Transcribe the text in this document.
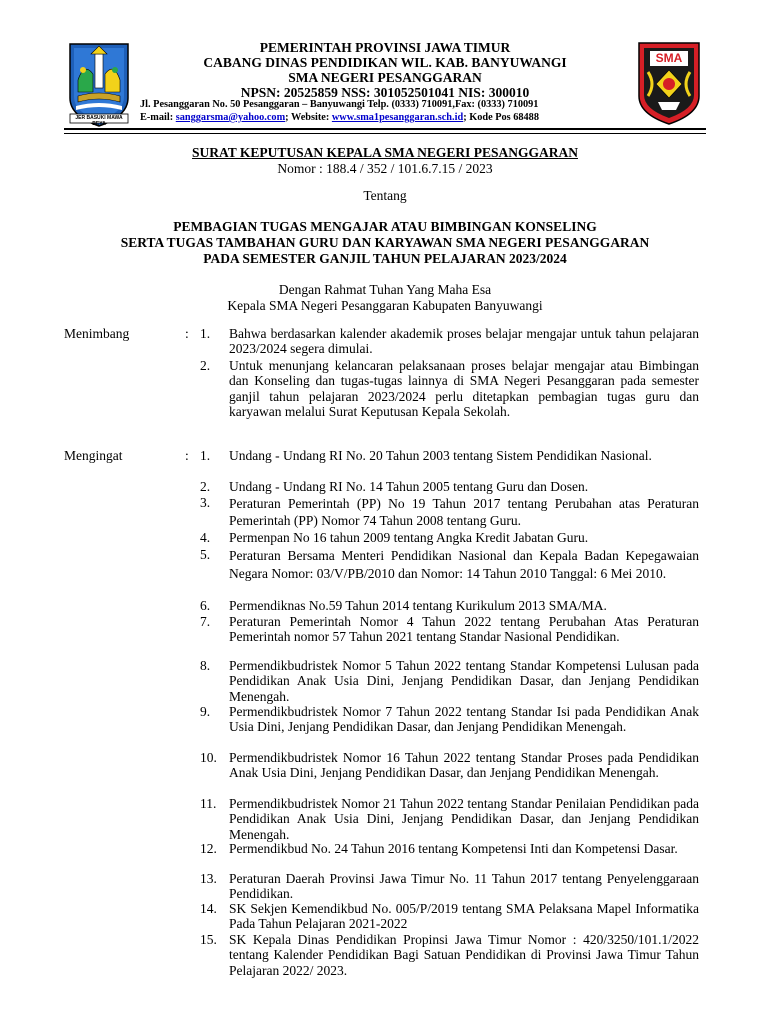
JER BASUKI MAWA BEYA
PEMERINTAH PROVINSI JAWA TIMUR
CABANG DINAS PENDIDIKAN WIL. KAB. BANYUWANGI
SMA NEGERI PESANGGARAN
NPSN: 20525859 NSS: 301052501041 NIS: 300010
Jl. Pesanggaran No. 50 Pesanggaran – Banyuwangi Telp. (0333) 710091,Fax: (0333) 710091
E-mail: sanggarsma@yahoo.com; Website: www.sma1pesanggaran.sch.id; Kode Pos 68488
SMA
SURAT KEPUTUSAN KEPALA SMA NEGERI PESANGGARAN
Nomor : 188.4 / 352 / 101.6.7.15 / 2023
Tentang
PEMBAGIAN TUGAS MENGAJAR ATAU BIMBINGAN KONSELING
SERTA TUGAS TAMBAHAN GURU DAN KARYAWAN SMA NEGERI PESANGGARAN
PADA SEMESTER GANJIL TAHUN PELAJARAN 2023/2024
Dengan Rahmat Tuhan Yang Maha Esa
Kepala SMA Negeri Pesanggaran Kabupaten Banyuwangi
Menimbang	: 1. Bahwa berdasarkan kalender akademik proses belajar mengajar untuk tahun pelajaran 2023/2024 segera dimulai.
2. Untuk menunjang kelancaran pelaksanaan proses belajar mengajar atau Bimbingan dan Konseling dan tugas-tugas lainnya di SMA Negeri Pesanggaran pada semester ganjil tahun pelajaran 2023/2024 perlu ditetapkan pembagian tugas guru dan karyawan melalui Surat Keputusan Kepala Sekolah.
Mengingat	: 1. Undang - Undang RI No. 20 Tahun 2003 tentang Sistem Pendidikan Nasional.
2. Undang - Undang RI No. 14 Tahun 2005 tentang Guru dan Dosen.
3. Peraturan Pemerintah (PP) No 19 Tahun 2017 tentang Perubahan atas Peraturan Pemerintah (PP) Nomor 74 Tahun 2008 tentang Guru.
4. Permenpan No 16 tahun 2009 tentang Angka Kredit Jabatan Guru.
5. Peraturan Bersama Menteri Pendidikan Nasional dan Kepala Badan Kepegawaian Negara Nomor: 03/V/PB/2010 dan Nomor: 14 Tahun 2010 Tanggal: 6 Mei 2010.
6. Permendiknas No.59 Tahun 2014 tentang Kurikulum 2013 SMA/MA.
7. Peraturan Pemerintah Nomor 4 Tahun 2022 tentang Perubahan Atas Peraturan Pemerintah nomor 57 Tahun 2021 tentang Standar Nasional Pendidikan.
8. Permendikbudristek Nomor 5 Tahun 2022 tentang Standar Kompetensi Lulusan pada Pendidikan Anak Usia Dini, Jenjang Pendidikan Dasar, dan Jenjang Pendidikan Menengah.
9. Permendikbudristek Nomor 7 Tahun 2022 tentang Standar Isi pada Pendidikan Anak Usia Dini, Jenjang Pendidikan Dasar, dan Jenjang Pendidikan Menengah.
10. Permendikbudristek Nomor 16 Tahun 2022 tentang Standar Proses pada Pendidikan Anak Usia Dini, Jenjang Pendidikan Dasar, dan Jenjang Pendidikan Menengah.
11. Permendikbudristek Nomor 21 Tahun 2022 tentang Standar Penilaian Pendidikan pada Pendidikan Anak Usia Dini, Jenjang Pendidikan Dasar, dan Jenjang Pendidikan Menengah.
12. Permendikbud No. 24 Tahun 2016 tentang Kompetensi Inti dan Kompetensi Dasar.
13. Peraturan Daerah Provinsi Jawa Timur No. 11 Tahun 2017 tentang Penyelenggaraan Pendidikan.
14. SK Sekjen Kemendikbud No. 005/P/2019 tentang SMA Pelaksana Mapel Informatika Pada Tahun Pelajaran 2021-2022
15. SK Kepala Dinas Pendidikan Propinsi Jawa Timur Nomor : 420/3250/101.1/2022 tentang Kalender Pendidikan Bagi Satuan Pendidikan di Provinsi Jawa Timur Tahun Pelajaran 2022/ 2023.
